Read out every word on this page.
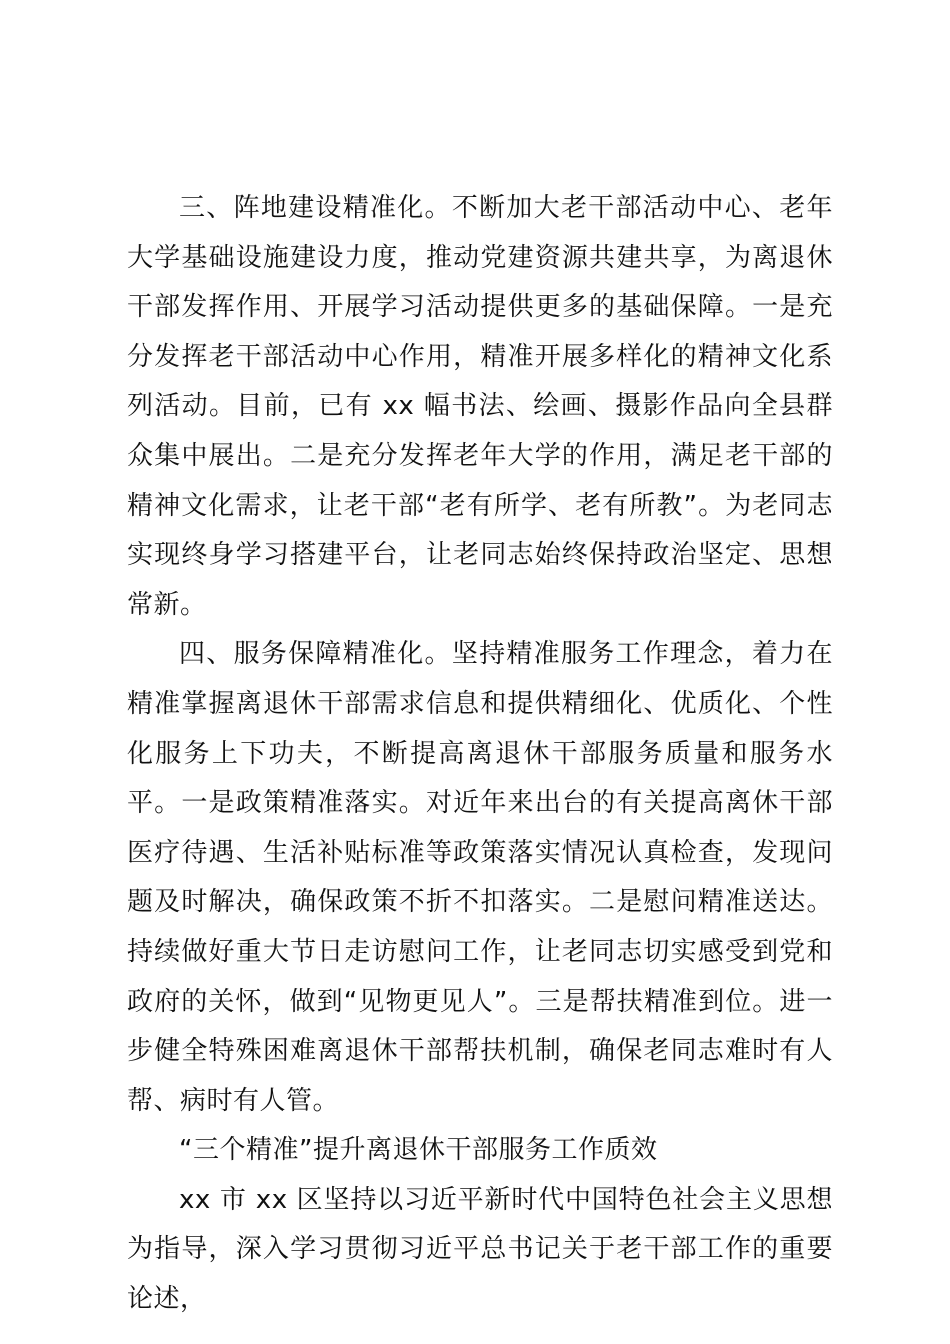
三、阵地建设精准化。不断加大老干部活动中心、老年大学基础设施建设力度，推动党建资源共建共享，为离退休干部发挥作用、开展学习活动提供更多的基础保障。一是充分发挥老干部活动中心作用，精准开展多样化的精神文化系列活动。目前，已有 xx 幅书法、绘画、摄影作品向全县群众集中展出。二是充分发挥老年大学的作用，满足老干部的精神文化需求，让老干部“老有所学、老有所教”。为老同志实现终身学习搭建平台，让老同志始终保持政治坚定、思想常新。

四、服务保障精准化。坚持精准服务工作理念，着力在精准掌握离退休干部需求信息和提供精细化、优质化、个性化服务上下功夫，不断提高离退休干部服务质量和服务水平。一是政策精准落实。对近年来出台的有关提高离休干部医疗待遇、生活补贴标准等政策落实情况认真检查，发现问题及时解决，确保政策不折不扣落实。二是慰问精准送达。持续做好重大节日走访慰问工作，让老同志切实感受到党和政府的关怀，做到“见物更见人”。三是帮扶精准到位。进一步健全特殊困难离退休干部帮扶机制，确保老同志难时有人帮、病时有人管。

“三个精准”提升离退休干部服务工作质效

xx 市 xx 区坚持以习近平新时代中国特色社会主义思想为指导，深入学习贯彻习近平总书记关于老干部工作的重要论述，
